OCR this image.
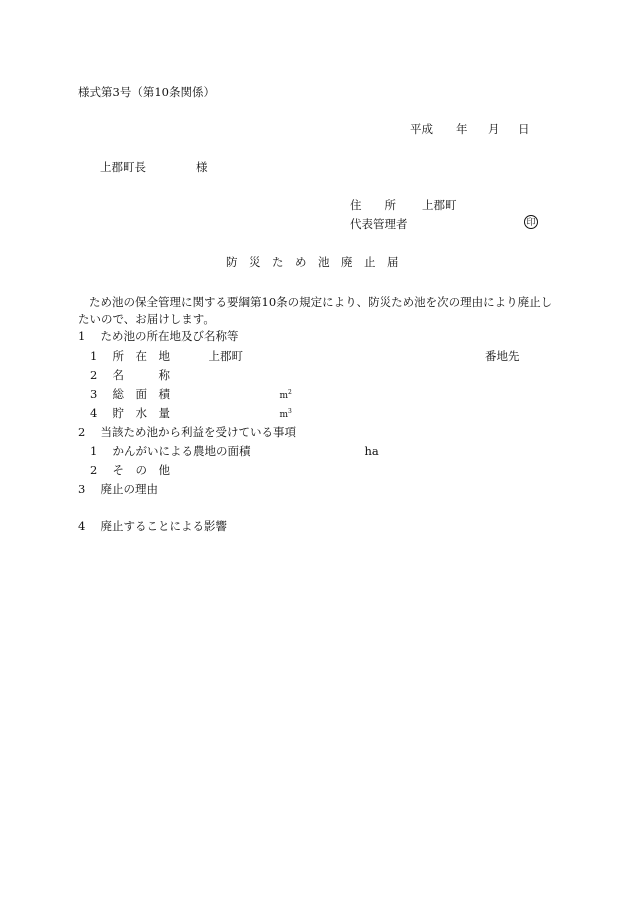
様式第3号（第10条関係）
平成 年 月 日
上郡町長	様
住　　所 上郡町
代表管理者	印
防　災　た　め　池　廃　止　届
ため池の保全管理に関する要綱第10条の規定により、防災ため池を次の理由により廃止したいので、お届けします。
1　 ため池の所在地及び名称等
1　 所　在　地	上郡町	番地先
2　 名　　　称
3　 総　面　積	$m^2$
4　 貯　水　量	$m^3$
2　 当該ため池から利益を受けている事項
1　 かんがいによる農地の面積	ha
2　 そ　の　他
3　 廃止の理由
4　 廃止することによる影響
